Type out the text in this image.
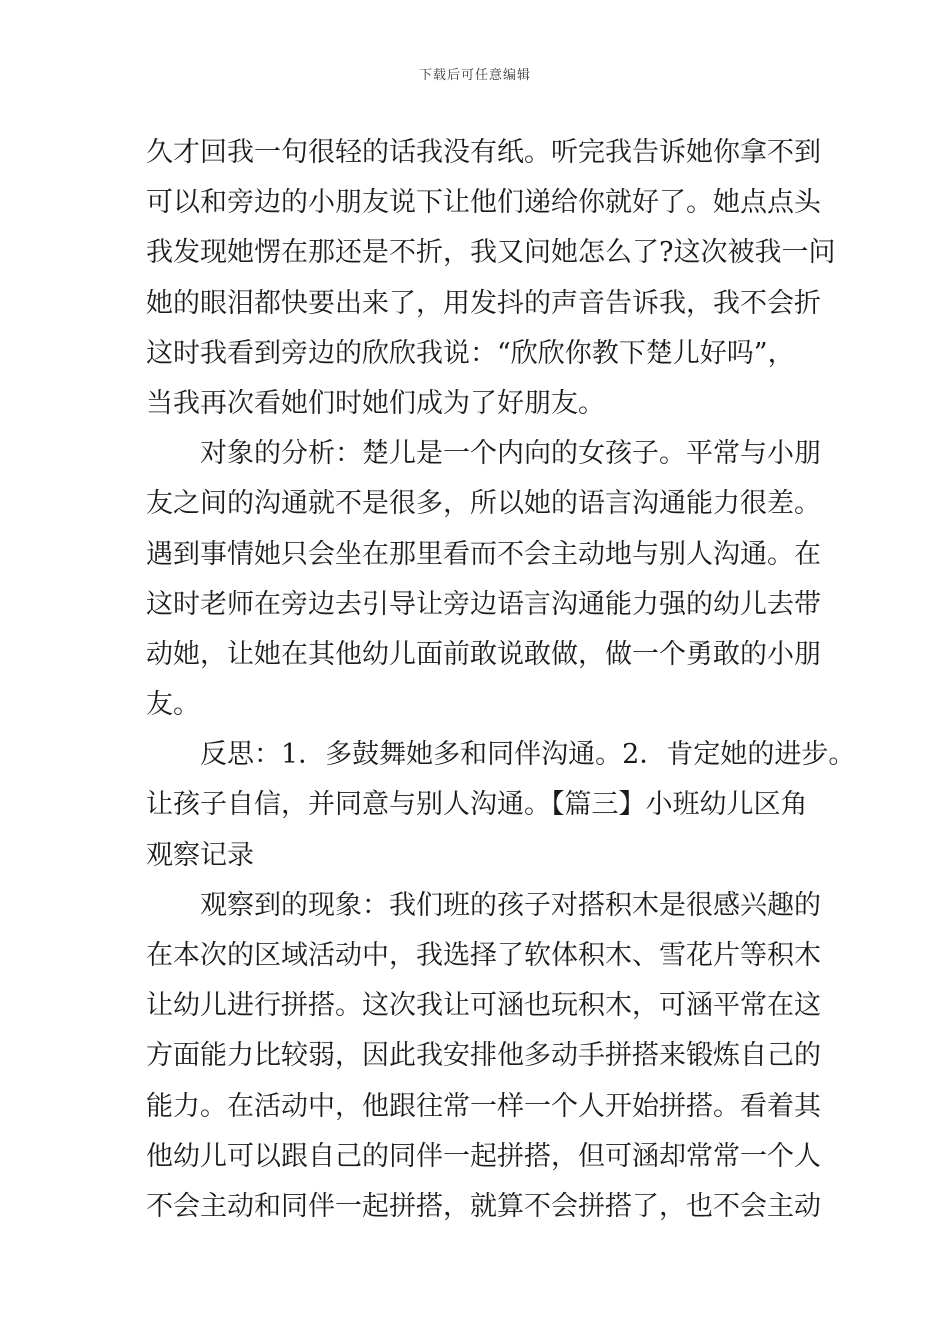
下载后可任意编辑
久才回我一句很轻的话我没有纸。听完我告诉她你拿不到
可以和旁边的小朋友说下让他们递给你就好了。她点点头
我发现她愣在那还是不折，我又问她怎么了?这次被我一问
她的眼泪都快要出来了，用发抖的声音告诉我，我不会折
这时我看到旁边的欣欣我说：“欣欣你教下楚儿好吗”，
当我再次看她们时她们成为了好朋友。
对象的分析：楚儿是一个内向的女孩子。平常与小朋
友之间的沟通就不是很多，所以她的语言沟通能力很差。
遇到事情她只会坐在那里看而不会主动地与别人沟通。在
这时老师在旁边去引导让旁边语言沟通能力强的幼儿去带
动她，让她在其他幼儿面前敢说敢做，做一个勇敢的小朋
友。
反思：1．多鼓舞她多和同伴沟通。2．肯定她的进步。
让孩子自信，并同意与别人沟通。【篇三】小班幼儿区角
观察记录
观察到的现象：我们班的孩子对搭积木是很感兴趣的
在本次的区域活动中，我选择了软体积木、雪花片等积木
让幼儿进行拼搭。这次我让可涵也玩积木，可涵平常在这
方面能力比较弱，因此我安排他多动手拼搭来锻炼自己的
能力。在活动中，他跟往常一样一个人开始拼搭。看着其
他幼儿可以跟自己的同伴一起拼搭，但可涵却常常一个人
不会主动和同伴一起拼搭，就算不会拼搭了，也不会主动
